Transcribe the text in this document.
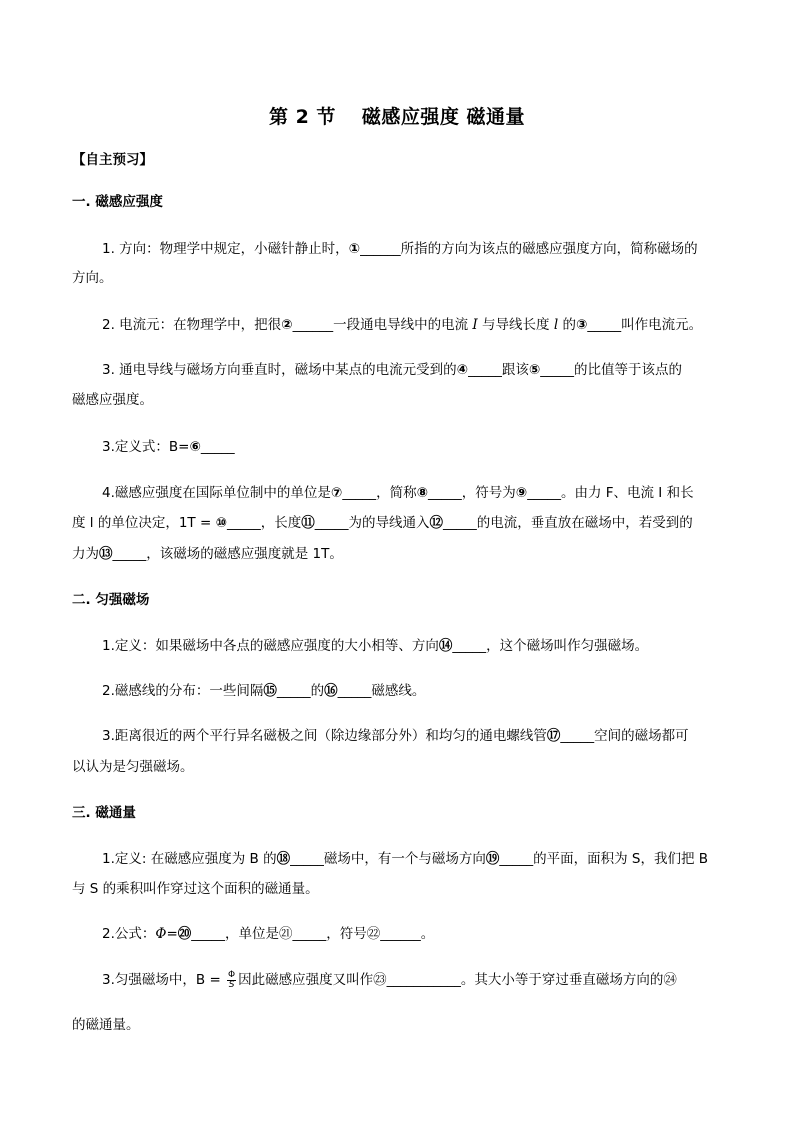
第 2 节 磁感应强度 磁通量
【自主预习】
一. 磁感应强度
1. 方向：物理学中规定，小磁针静止时，①______所指的方向为该点的磁感应强度方向，简称磁场的
方向。
2. 电流元：在物理学中，把很②______一段通电导线中的电流 I 与导线长度 l 的③_____叫作电流元。
3. 通电导线与磁场方向垂直时，磁场中某点的电流元受到的④_____跟该⑤_____的比值等于该点的
磁感应强度。
3.定义式：B=⑥_____
4.磁感应强度在国际单位制中的单位是⑦_____，简称⑧_____，符号为⑨_____。由力 F、电流 I 和长
度 l 的单位决定，1T = ⑩_____，长度⑪_____为的导线通入⑫_____的电流，垂直放在磁场中，若受到的
力为⑬_____，该磁场的磁感应强度就是 1T。
二. 匀强磁场
1.定义：如果磁场中各点的磁感应强度的大小相等、方向⑭_____，这个磁场叫作匀强磁场。
2.磁感线的分布：一些间隔⑮_____的⑯_____磁感线。
3.距离很近的两个平行异名磁极之间（除边缘部分外）和均匀的通电螺线管⑰_____空间的磁场都可
以认为是匀强磁场。
三. 磁通量
1.定义: 在磁感应强度为 B 的⑱_____磁场中，有一个与磁场方向⑲_____的平面，面积为 S，我们把 B
与 S 的乘积叫作穿过这个面积的磁通量。
2.公式：Φ=⑳_____，单位是㉑_____，符号㉒______。
3.匀强磁场中，$B = \frac{\Phi}{S}$ 因此磁感应强度又叫作㉓___________。其大小等于穿过垂直磁场方向的㉔
的磁通量。
